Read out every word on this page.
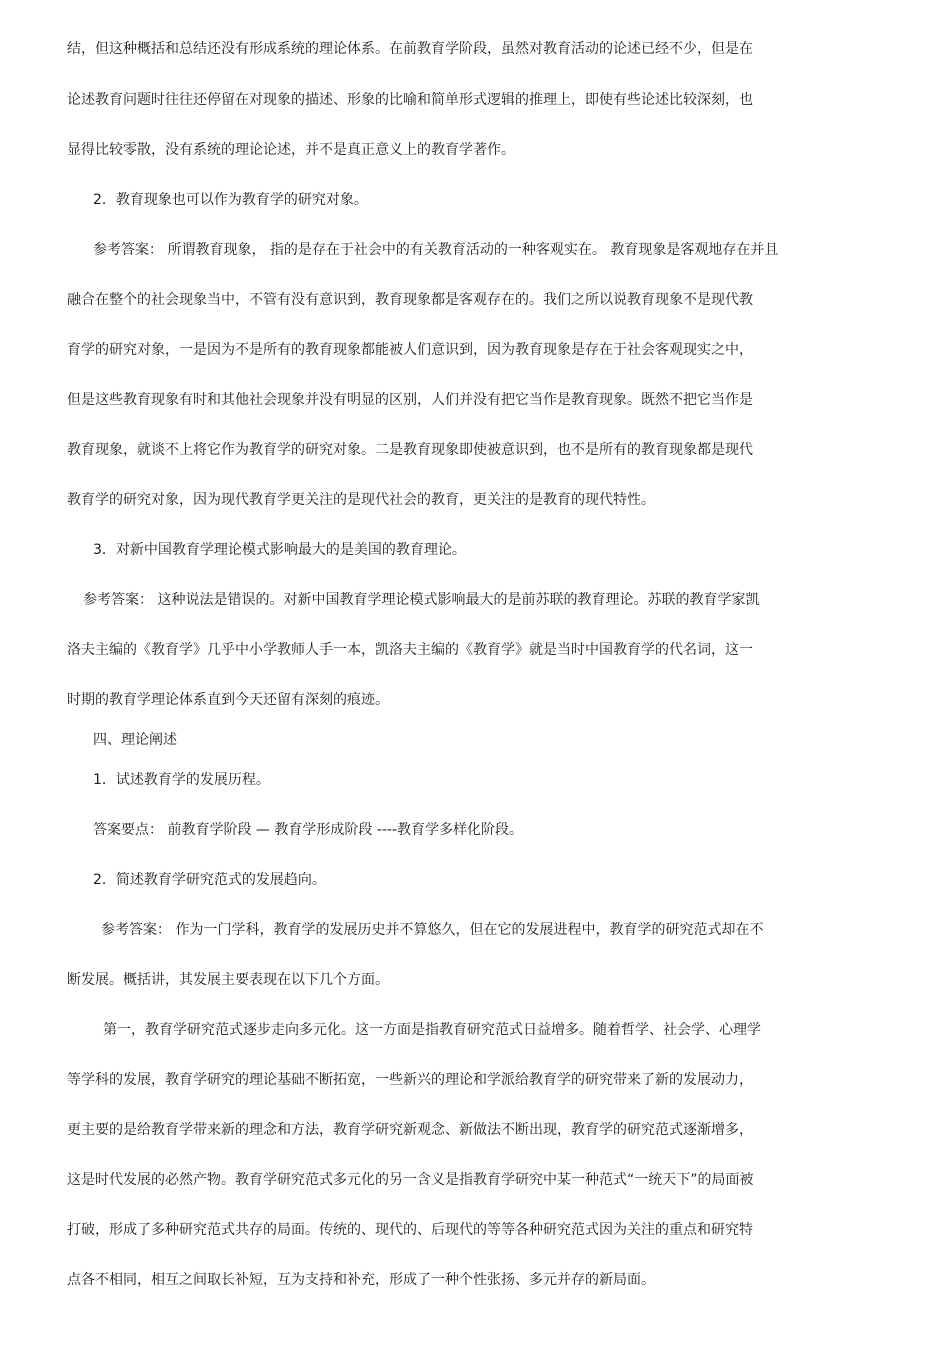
结，但这种概括和总结还没有形成系统的理论体系。在前教育学阶段，虽然对教育活动的论述已经不少，但是在
论述教育问题时往往还停留在对现象的描述、形象的比喻和简单形式逻辑的推理上，即使有些论述比较深刻，也
显得比较零散，没有系统的理论论述，并不是真正意义上的教育学著作。
2．教育现象也可以作为教育学的研究对象。
参考答案： 所谓教育现象， 指的是存在于社会中的有关教育活动的一种客观实在。 教育现象是客观地存在并且
融合在整个的社会现象当中，不管有没有意识到，教育现象都是客观存在的。我们之所以说教育现象不是现代教
育学的研究对象，一是因为不是所有的教育现象都能被人们意识到，因为教育现象是存在于社会客观现实之中，
但是这些教育现象有时和其他社会现象并没有明显的区别，人们并没有把它当作是教育现象。既然不把它当作是
教育现象，就谈不上将它作为教育学的研究对象。二是教育现象即使被意识到，也不是所有的教育现象都是现代
教育学的研究对象，因为现代教育学更关注的是现代社会的教育，更关注的是教育的现代特性。
3．对新中国教育学理论模式影响最大的是美国的教育理论。
参考答案： 这种说法是错误的。对新中国教育学理论模式影响最大的是前苏联的教育理论。苏联的教育学家凯
洛夫主编的《教育学》几乎中小学教师人手一本，凯洛夫主编的《教育学》就是当时中国教育学的代名词，这一
时期的教育学理论体系直到今天还留有深刻的痕迹。
四、理论阐述
1．试述教育学的发展历程。
答案要点： 前教育学阶段 — 教育学形成阶段 ----教育学多样化阶段。
2．简述教育学研究范式的发展趋向。
参考答案： 作为一门学科，教育学的发展历史并不算悠久，但在它的发展进程中，教育学的研究范式却在不
断发展。概括讲，其发展主要表现在以下几个方面。
第一，教育学研究范式逐步走向多元化。这一方面是指教育研究范式日益增多。随着哲学、社会学、心理学
等学科的发展，教育学研究的理论基础不断拓宽，一些新兴的理论和学派给教育学的研究带来了新的发展动力，
更主要的是给教育学带来新的理念和方法，教育学研究新观念、新做法不断出现，教育学的研究范式逐渐增多，
这是时代发展的必然产物。教育学研究范式多元化的另一含义是指教育学研究中某一种范式“一统天下”的局面被
打破，形成了多种研究范式共存的局面。传统的、现代的、后现代的等等各种研究范式因为关注的重点和研究特
点各不相同，相互之间取长补短，互为支持和补充，形成了一种个性张扬、多元并存的新局面。
